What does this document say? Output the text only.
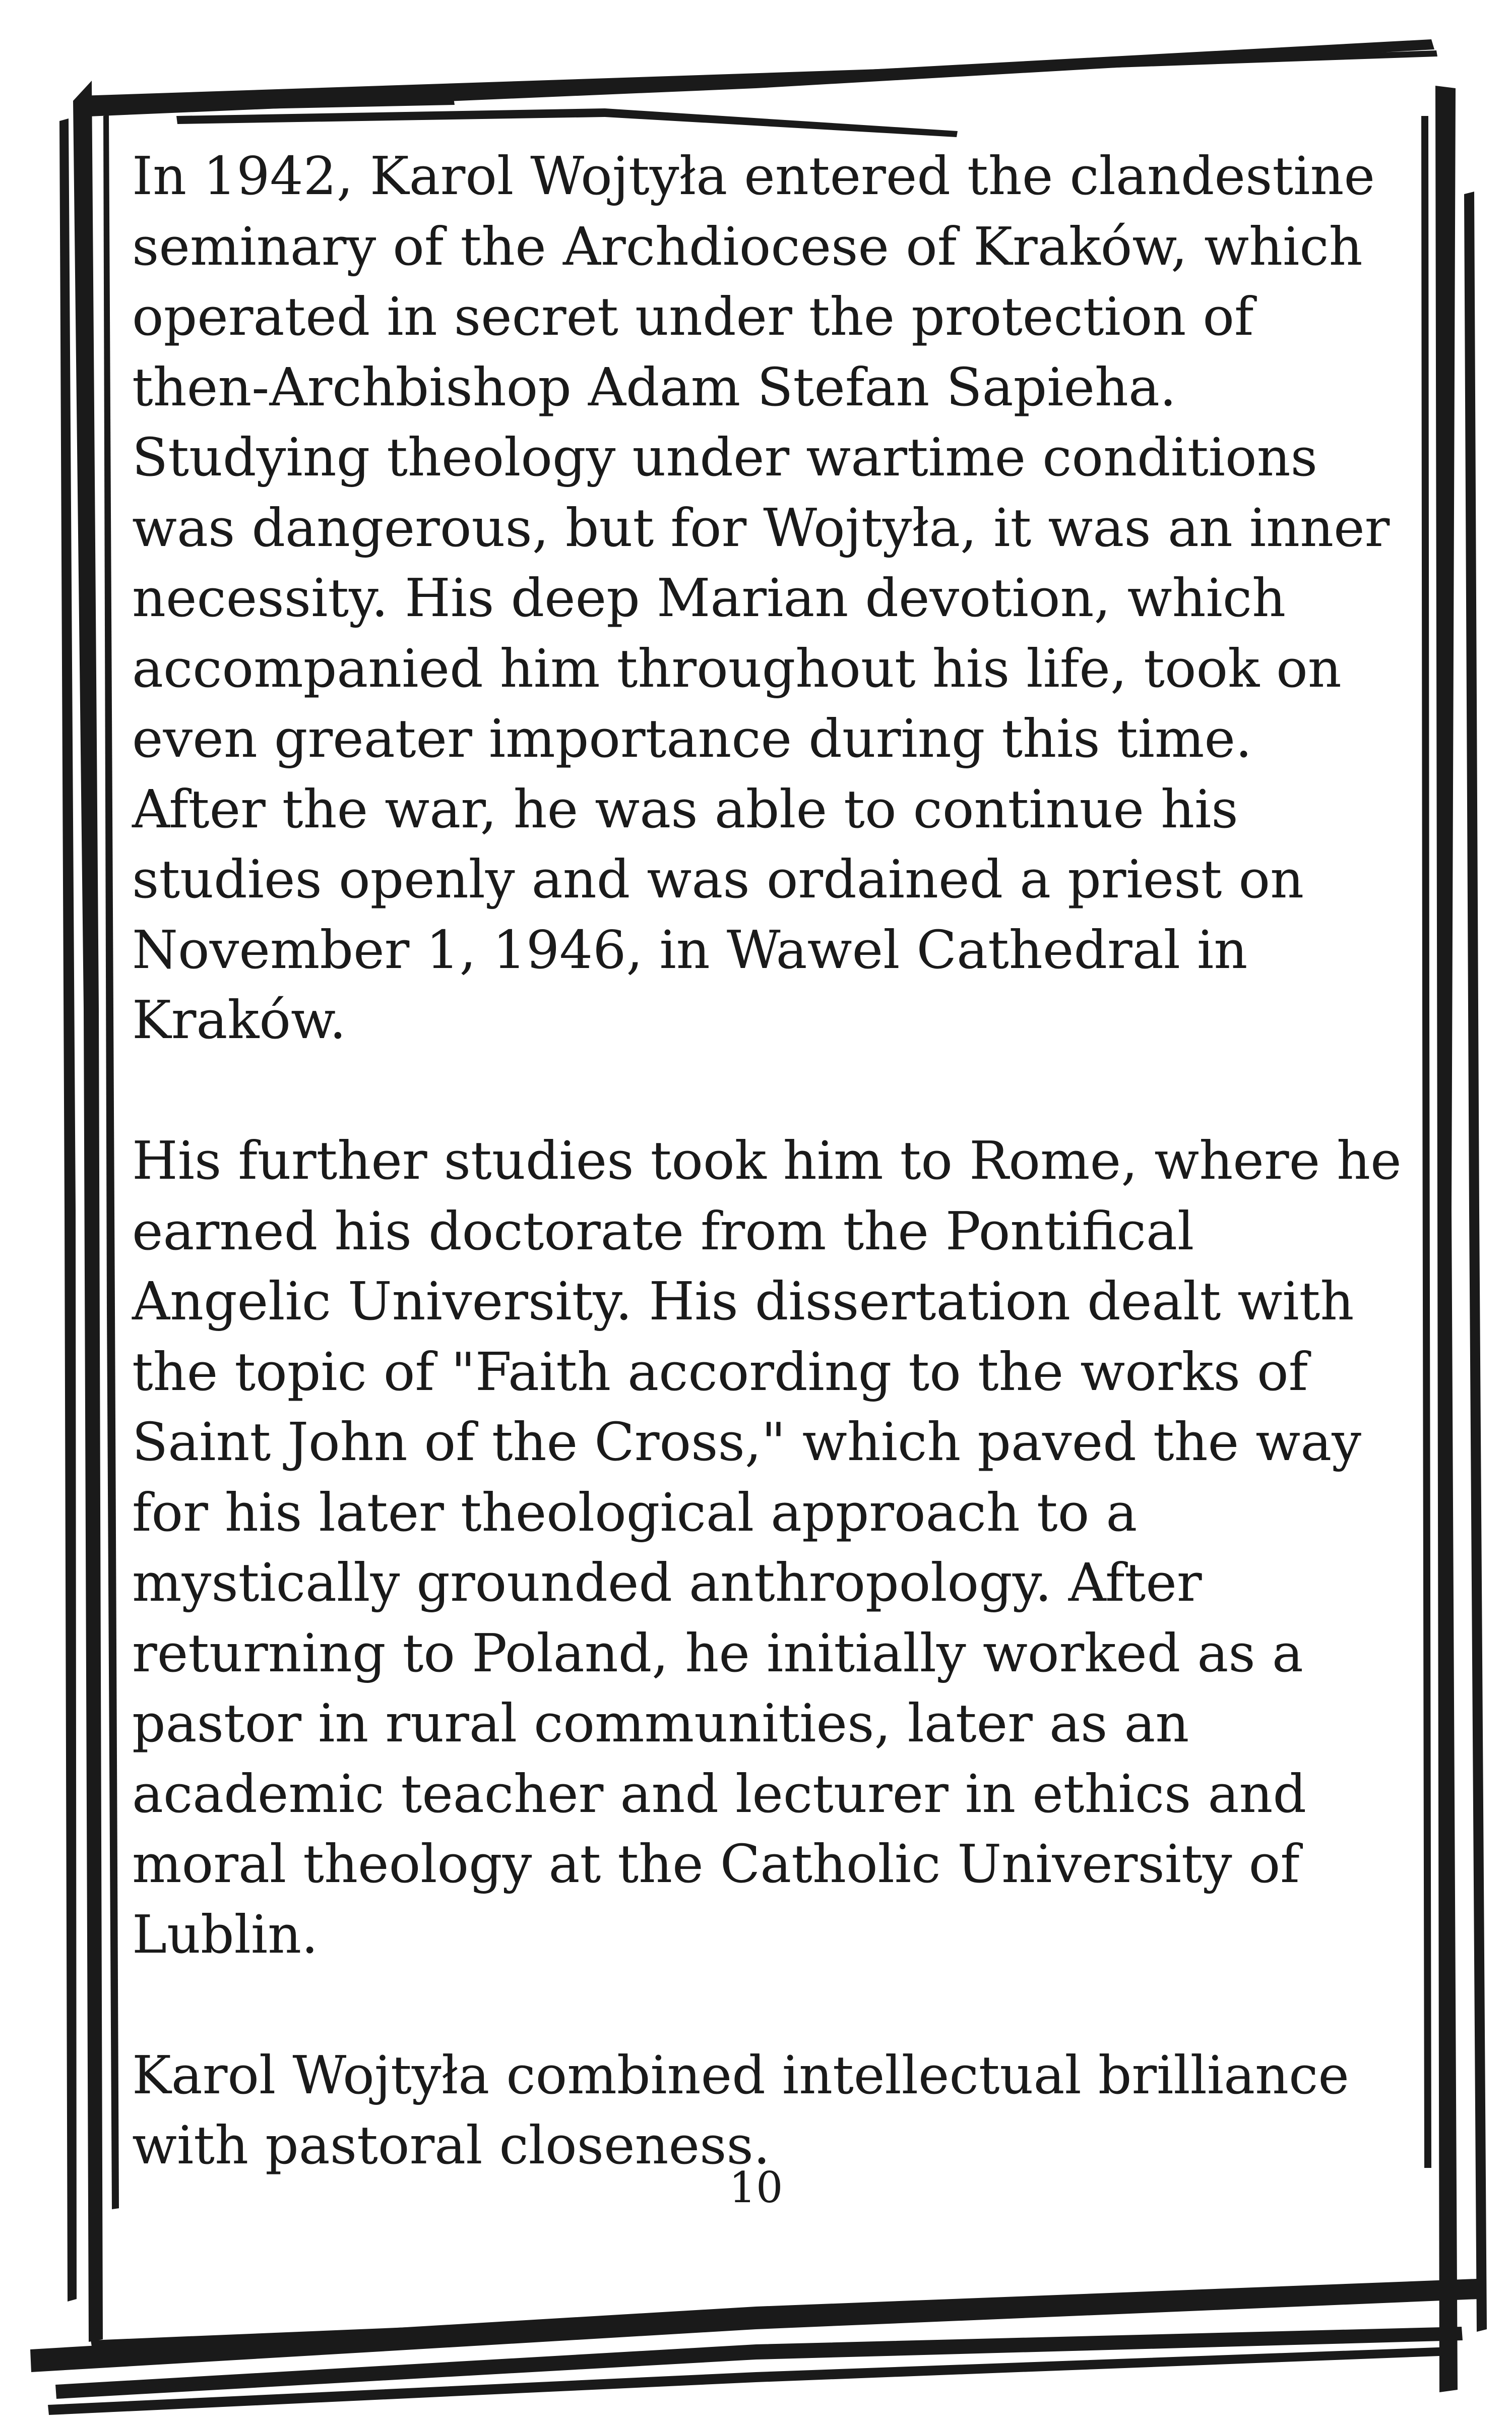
In 1942, Karol Wojtyła entered the clandestine seminary of the Archdiocese of Kraków, which operated in secret under the protection of then-Archbishop Adam Stefan Sapieha. Studying theology under wartime conditions was dangerous, but for Wojtyła, it was an inner necessity. His deep Marian devotion, which accompanied him throughout his life, took on even greater importance during this time. After the war, he was able to continue his studies openly and was ordained a priest on November 1, 1946, in Wawel Cathedral in Kraków.

His further studies took him to Rome, where he earned his doctorate from the Pontifical Angelic University. His dissertation dealt with the topic of "Faith according to the works of Saint John of the Cross," which paved the way for his later theological approach to a mystically grounded anthropology. After returning to Poland, he initially worked as a pastor in rural communities, later as an academic teacher and lecturer in ethics and moral theology at the Catholic University of Lublin.

Karol Wojtyła combined intellectual brilliance with pastoral closeness.

10
